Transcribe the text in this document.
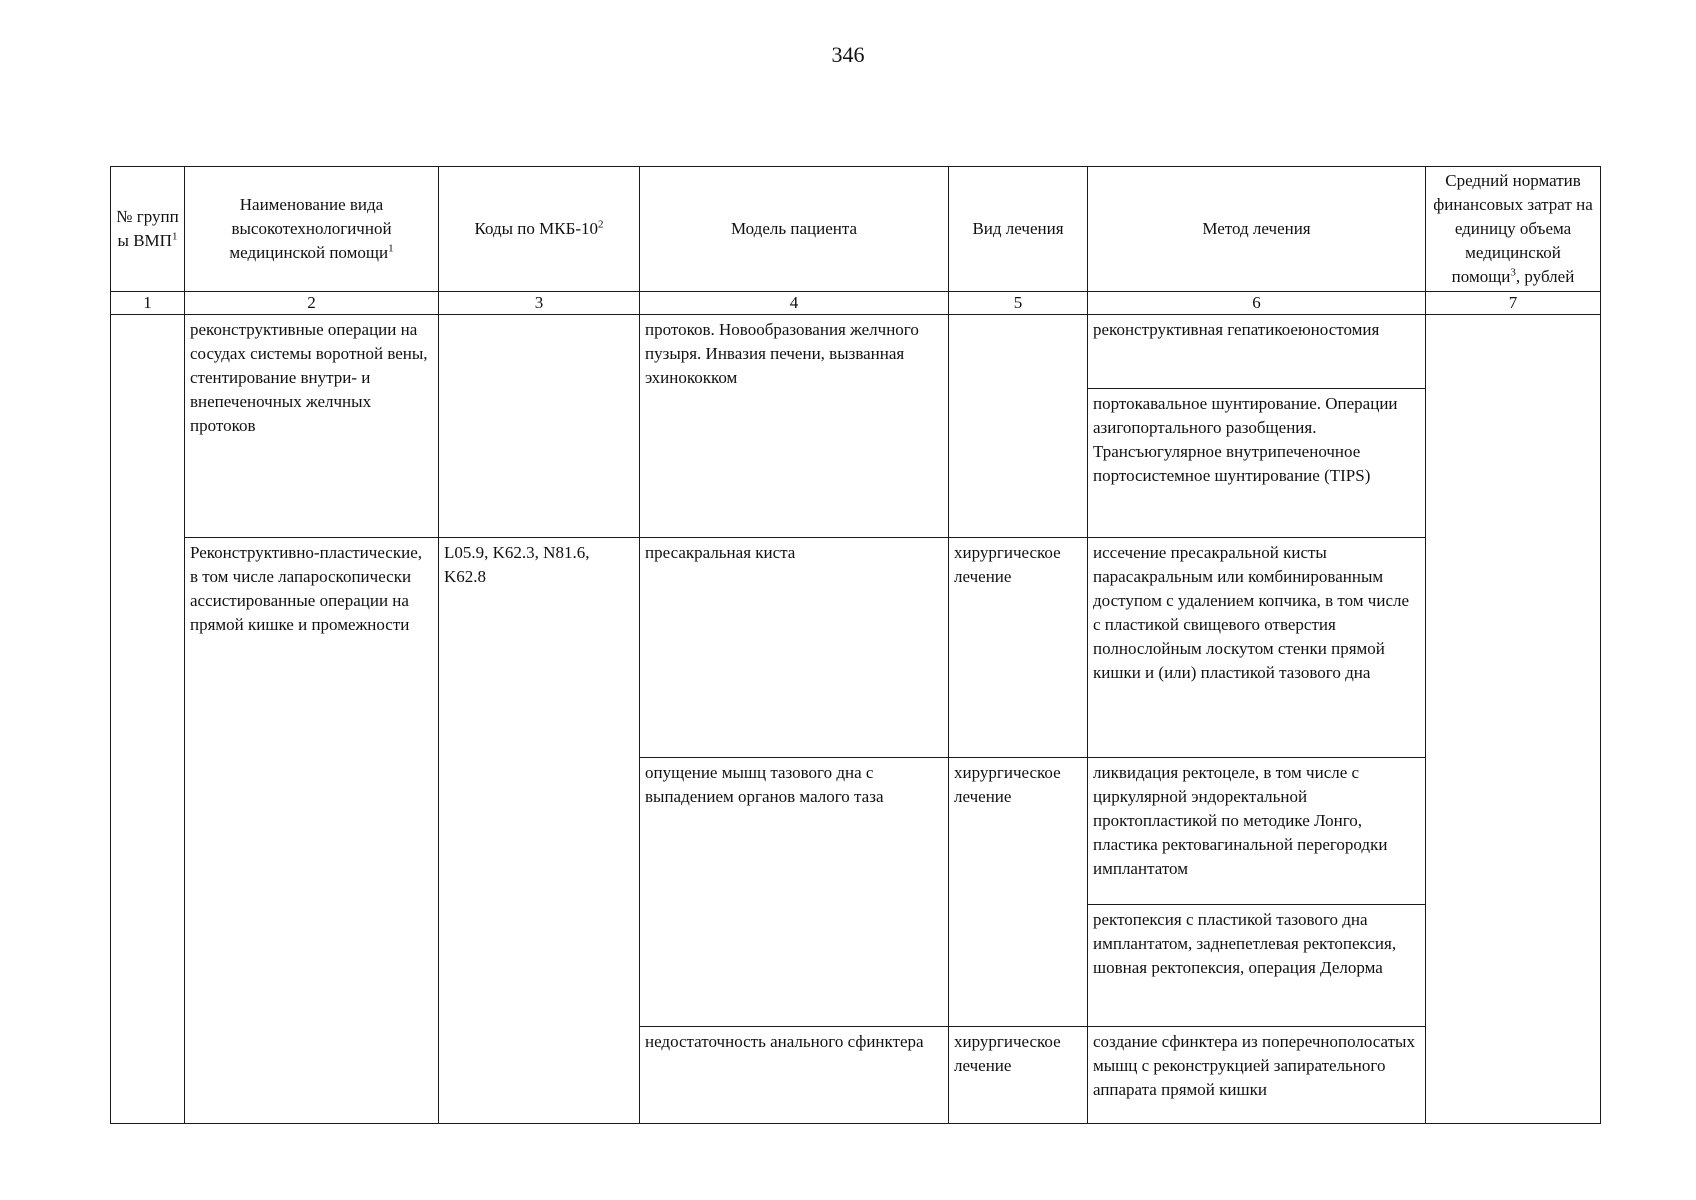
346
№ групп ы ВМП$^1$	Наименование вида высокотехнологичной медицинской помощи$^1$	Коды по МКБ-$10^2$	Модель пациента	Вид лечения	Метод лечения	Средний норматив финансовых затрат на единицу объема медицинской помощи$^3$, рублей
1	2	3	4	5	6	7
	реконструктивные операции на сосудах системы воротной вены, стентирование внутри- и внепеченочных желчных протоков		протоков. Новообразования желчного пузыря. Инвазия печени, вызванная эхинококком		реконструктивная гепатикоеюностомия	
					портокавальное шунтирование. Операции азигопортального разобщения. Трансъюгулярное внутрипеченочное портосистемное шунтирование (TIPS)	
	Реконструктивно-пластические, в том числе лапароскопически ассистированные операции на прямой кишке и промежности	L05.9, K62.3, N81.6, K62.8	пресакральная киста	хирургическое лечение	иссечение пресакральной кисты парасакральным или комбинированным доступом с удалением копчика, в том числе с пластикой свищевого отверстия полнослойным лоскутом стенки прямой кишки и (или) пластикой тазового дна	
			опущение мышц тазового дна с выпадением органов малого таза	хирургическое лечение	ликвидация ректоцеле, в том числе с циркулярной эндоректальной проктопластикой по методике Лонго, пластика ректовагинальной перегородки имплантатом	
					ректопексия с пластикой тазового дна имплантатом, заднепетлевая ректопексия, шовная ректопексия, операция Делорма	
			недостаточность анального сфинктера	хирургическое лечение	создание сфинктера из поперечнополосатых мышц с реконструкцией запирательного аппарата прямой кишки	
